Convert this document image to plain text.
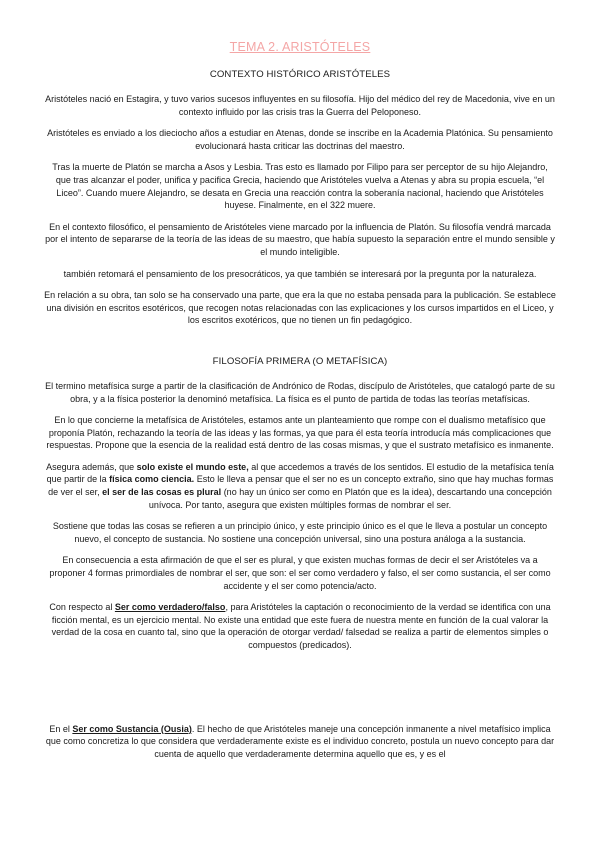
TEMA 2. ARISTÓTELES
CONTEXTO HISTÓRICO ARISTÓTELES

Aristóteles nació en Estagira, y tuvo varios sucesos influyentes en su filosofía. Hijo del médico del rey de Macedonia, vive en un contexto influido por las crisis tras la Guerra del Peloponeso.

Aristóteles es enviado a los dieciocho años a estudiar en Atenas, donde se inscribe en la Academia Platónica. Su pensamiento evolucionará hasta criticar las doctrinas del maestro.

Tras la muerte de Platón se marcha a Asos y Lesbia. Tras esto es llamado por Filipo para ser perceptor de su hijo Alejandro, que tras alcanzar el poder, unifica y pacifica Grecia, haciendo que Aristóteles vuelva a Atenas y abra su propia escuela, “el Liceo”. Cuando muere Alejandro, se desata en Grecia una reacción contra la soberanía nacional, haciendo que Aristóteles huyese. Finalmente, en el 322 muere.

En el contexto filosófico, el pensamiento de Aristóteles viene marcado por la influencia de Platón. Su filosofía vendrá marcada por el intento de separarse de la teoría de las ideas de su maestro, que había supuesto la separación entre el mundo sensible y el mundo inteligible.

también retomará el pensamiento de los presocráticos, ya que también se interesará por la pregunta por la naturaleza.

En relación a su obra, tan solo se ha conservado una parte, que era la que no estaba pensada para la publicación. Se establece una división en escritos esotéricos, que recogen notas relacionadas con las explicaciones y los cursos impartidos en el Liceo, y los escritos exotéricos, que no tienen un fin pedagógico.

FILOSOFÍA PRIMERA (O METAFÍSICA)

El termino metafísica surge a partir de la clasificación de Andrónico de Rodas, discípulo de Aristóteles, que catalogó parte de su obra, y a la física posterior la denominó metafísica. La física es el punto de partida de todas las teorías metafísicas.

En lo que concierne la metafísica de Aristóteles, estamos ante un planteamiento que rompe con el dualismo metafísico que proponía Platón, rechazando la teoría de las ideas y las formas, ya que para él esta teoría introducía más complicaciones que respuestas. Propone que la esencia de la realidad está dentro de las cosas mismas, y que el sustrato metafísico es inmanente.

Asegura además, que solo existe el mundo este, al que accedemos a través de los sentidos. El estudio de la metafísica tenía que partir de la física como ciencia. Esto le lleva a pensar que el ser no es un concepto extraño, sino que hay muchas formas de ver el ser, el ser de las cosas es plural (no hay un único ser como en Platón que es la idea), descartando una concepción unívoca. Por tanto, asegura que existen múltiples formas de nombrar el ser.

Sostiene que todas las cosas se refieren a un principio único, y este principio único es el que le lleva a postular un concepto nuevo, el concepto de sustancia. No sostiene una concepción universal, sino una postura análoga a la sustancia.

En consecuencia a esta afirmación de que el ser es plural, y que existen muchas formas de decir el ser Aristóteles va a proponer 4 formas primordiales de nombrar el ser, que son: el ser como verdadero y falso, el ser como sustancia, el ser como accidente y el ser como potencia/acto.

Con respecto al Ser como verdadero/falso, para Aristóteles la captación o reconocimiento de la verdad se identifica con una ficción mental, es un ejercicio mental. No existe una entidad que este fuera de nuestra mente en función de la cual valorar la verdad de la cosa en cuanto tal, sino que la operación de otorgar verdad/ falsedad se realiza a partir de elementos simples o compuestos (predicados).

En el Ser como Sustancia (Ousia). El hecho de que Aristóteles maneje una concepción inmanente a nivel metafísico implica que como concretiza lo que considera que verdaderamente existe es el individuo concreto, postula un nuevo concepto para dar cuenta de aquello que verdaderamente determina aquello que es, y es el
